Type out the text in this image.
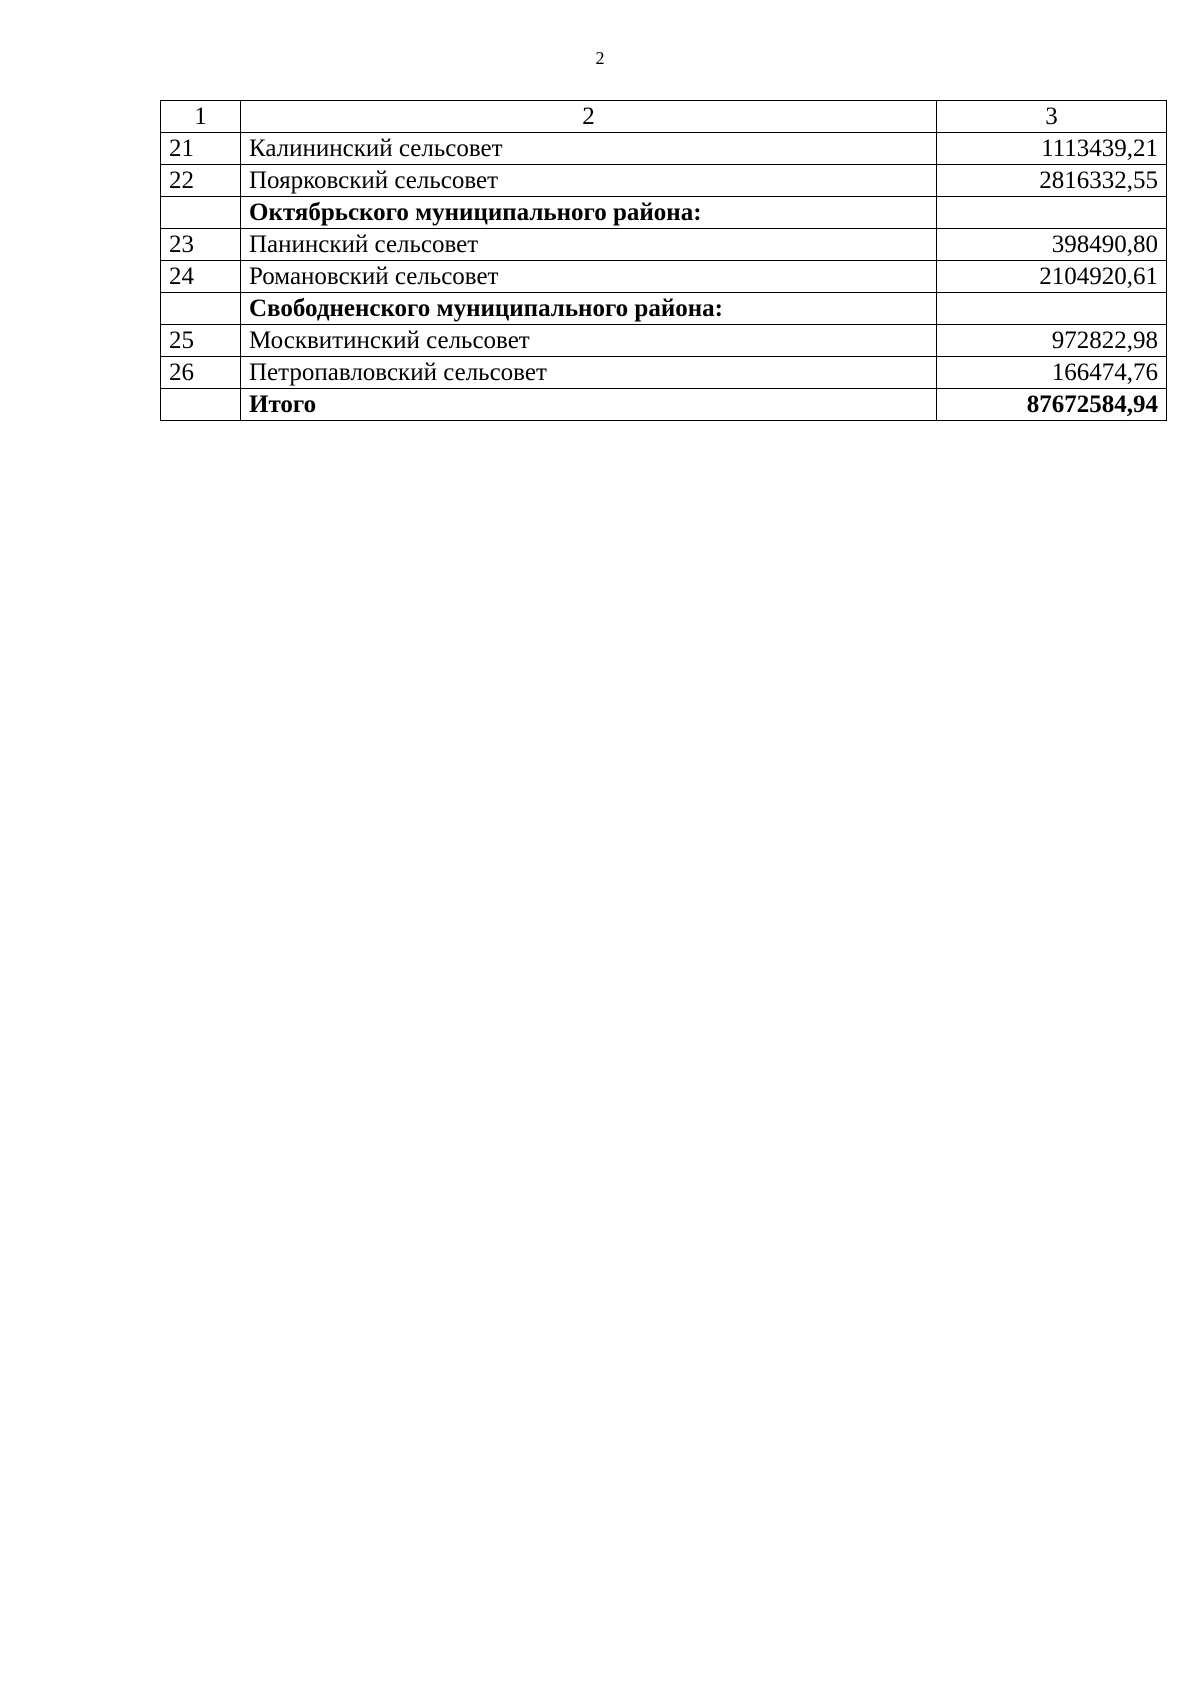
2
1	2	3
21	Калининский сельсовет	1113439,21
22	Поярковский сельсовет	2816332,55
	Октябрьского муниципального района:	
23	Панинский сельсовет	398490,80
24	Романовский сельсовет	2104920,61
	Свободненского муниципального района:	
25	Москвитинский сельсовет	972822,98
26	Петропавловский сельсовет	166474,76
	Итого	87672584,94
